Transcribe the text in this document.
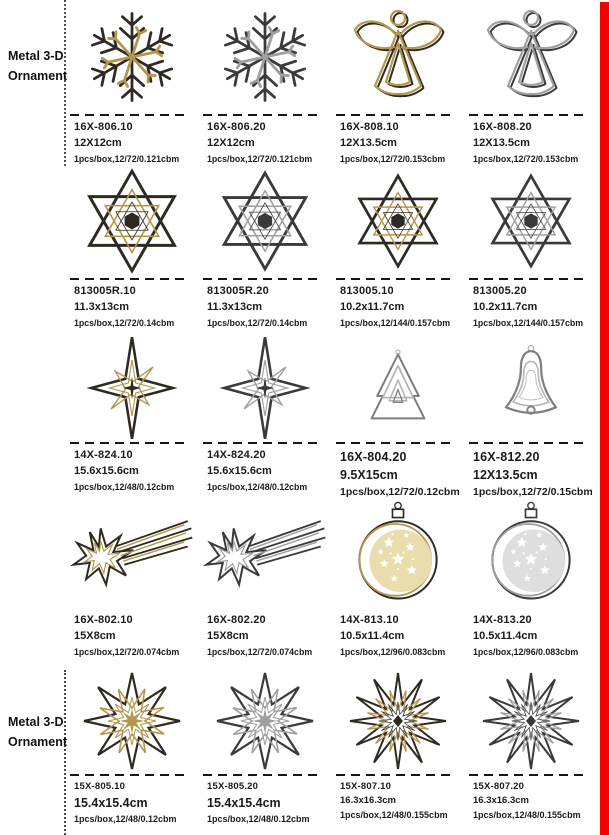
Metal 3-D
Ornament
Metal 3-D
Ornament
16X-806.10
12X12cm
1pcs/box,12/72/0.121cbm
16X-806.20
12X12cm
1pcs/box,12/72/0.121cbm
16X-808.10
12X13.5cm
1pcs/box,12/72/0.153cbm
16X-808.20
12X13.5cm
1pcs/box,12/72/0.153cbm
813005R.10
11.3x13cm
1pcs/box,12/72/0.14cbm
813005R.20
11.3x13cm
1pcs/box,12/72/0.14cbm
813005.10
10.2x11.7cm
1pcs/box,12/144/0.157cbm
813005.20
10.2x11.7cm
1pcs/box,12/144/0.157cbm
14X-824.10
15.6x15.6cm
1pcs/box,12/48/0.12cbm
14X-824.20
15.6x15.6cm
1pcs/box,12/48/0.12cbm
16X-804.20
9.5X15cm
1pcs/box,12/72/0.12cbm
16X-812.20
12X13.5cm
1pcs/box,12/72/0.15cbm
16X-802.10
15X8cm
1pcs/box,12/72/0.074cbm
16X-802.20
15X8cm
1pcs/box,12/72/0.074cbm
14X-813.10
10.5x11.4cm
1pcs/box,12/96/0.083cbm
14X-813.20
10.5x11.4cm
1pcs/box,12/96/0.083cbm
15X-805.10
15.4x15.4cm
1pcs/box,12/48/0.12cbm
15X-805.20
15.4x15.4cm
1pcs/box,12/48/0.12cbm
15X-807.10
16.3x16.3cm
1pcs/box,12/48/0.155cbm
15X-807.20
16.3x16.3cm
1pcs/box,12/48/0.155cbm
